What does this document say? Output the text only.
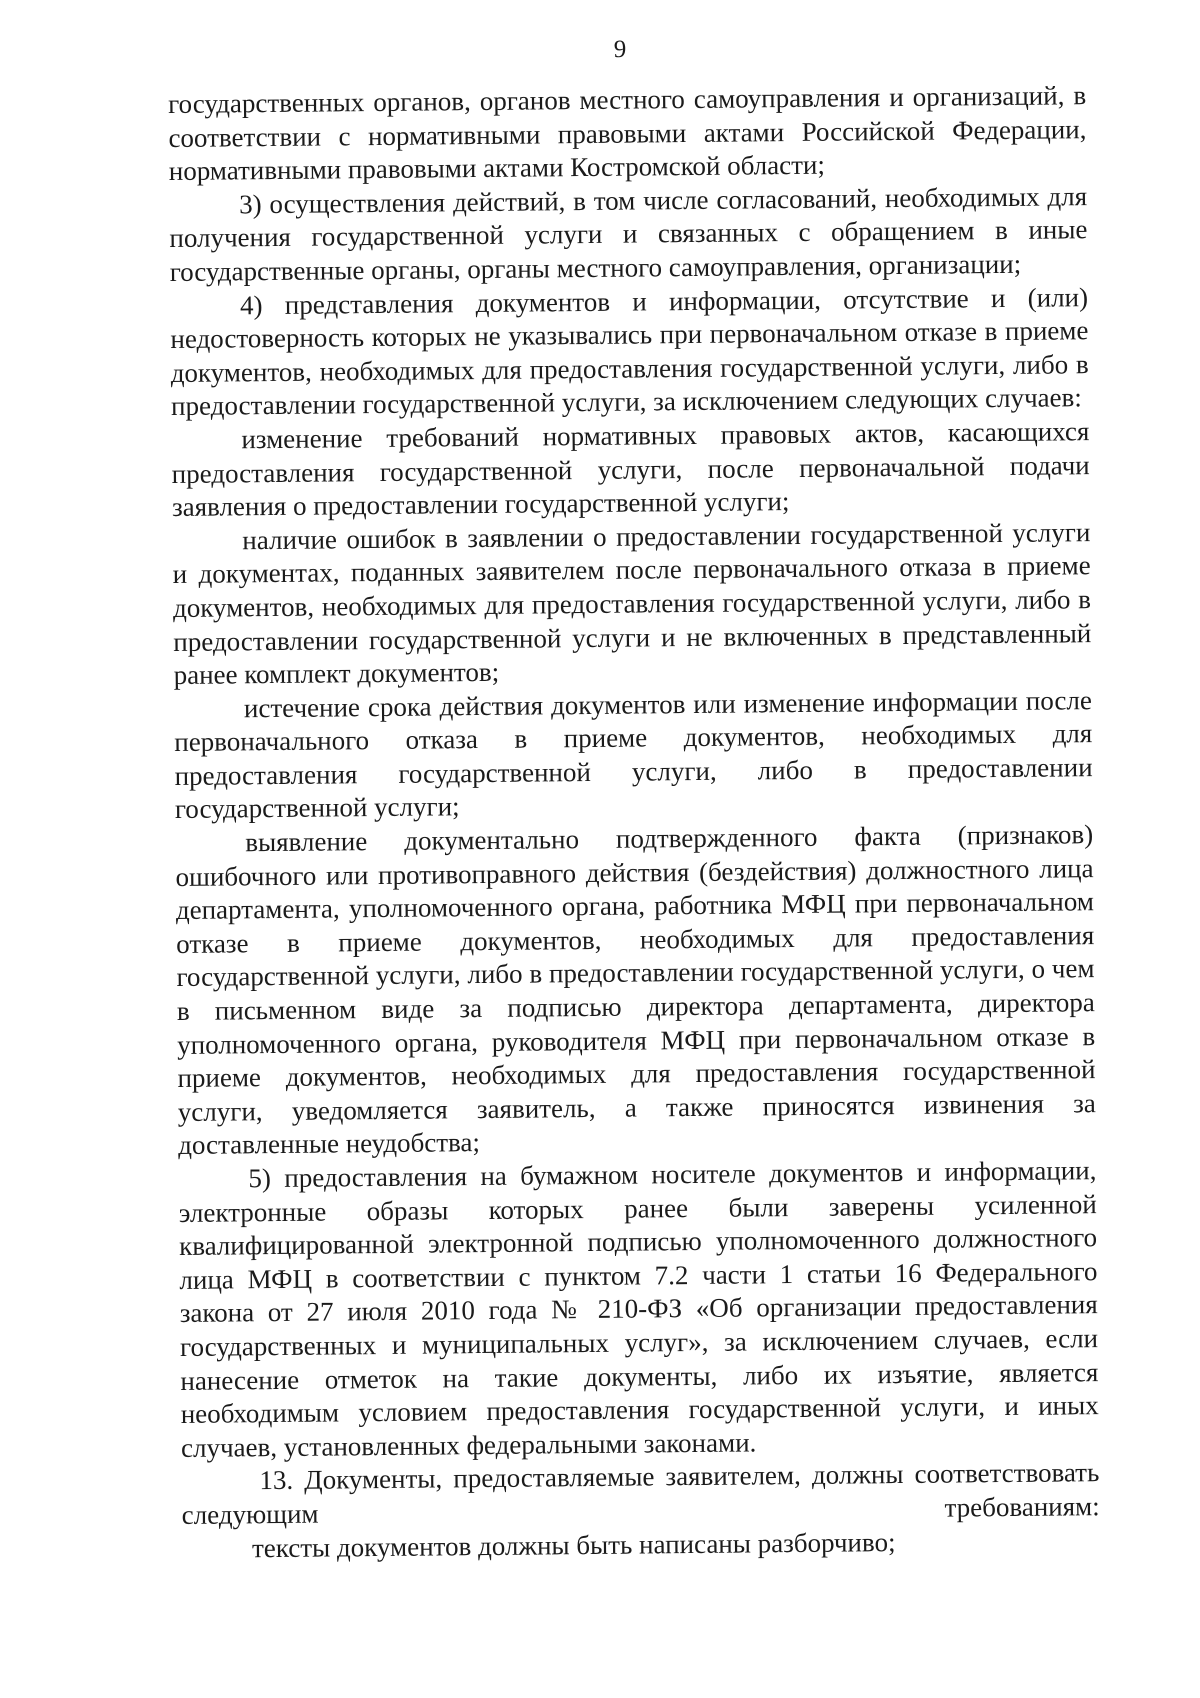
9

государственных органов, органов местного самоуправления и организаций, в соответствии с нормативными правовыми актами Российской Федерации, нормативными правовыми актами Костромской области;

3) осуществления действий, в том числе согласований, необходимых для получения государственной услуги и связанных с обращением в иные государственные органы, органы местного самоуправления, организации;

4) представления документов и информации, отсутствие и (или) недостоверность которых не указывались при первоначальном отказе в приеме документов, необходимых для предоставления государственной услуги, либо в предоставлении государственной услуги, за исключением следующих случаев:

изменение требований нормативных правовых актов, касающихся предоставления государственной услуги, после первоначальной подачи заявления о предоставлении государственной услуги;

наличие ошибок в заявлении о предоставлении государственной услуги и документах, поданных заявителем после первоначального отказа в приеме документов, необходимых для предоставления государственной услуги, либо в предоставлении государственной услуги и не включенных в представленный ранее комплект документов;

истечение срока действия документов или изменение информации после первоначального отказа в приеме документов, необходимых для предоставления государственной услуги, либо в предоставлении государственной услуги;

выявление документально подтвержденного факта (признаков) ошибочного или противоправного действия (бездействия) должностного лица департамента, уполномоченного органа, работника МФЦ при первоначальном отказе в приеме документов, необходимых для предоставления государственной услуги, либо в предоставлении государственной услуги, о чем в письменном виде за подписью директора департамента, директора уполномоченного органа, руководителя МФЦ при первоначальном отказе в приеме документов, необходимых для предоставления государственной услуги, уведомляется заявитель, а также приносятся извинения за доставленные неудобства;

5) предоставления на бумажном носителе документов и информации, электронные образы которых ранее были заверены усиленной квалифицированной электронной подписью уполномоченного должностного лица МФЦ в соответствии с пунктом 7.2 части 1 статьи 16 Федерального закона от 27 июля 2010 года № 210-ФЗ «Об организации предоставления государственных и муниципальных услуг», за исключением случаев, если нанесение отметок на такие документы, либо их изъятие, является необходимым условием предоставления государственной услуги, и иных случаев, установленных федеральными законами.

13. Документы, предоставляемые заявителем, должны соответствовать следующим требованиям:

тексты документов должны быть написаны разборчиво;
